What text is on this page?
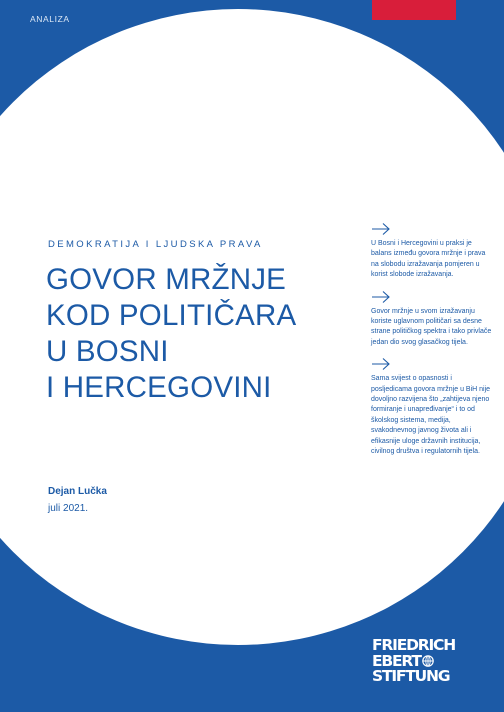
ANALIZA
DEMOKRATIJA I LJUDSKA PRAVA
GOVOR MRŽNJE
KOD POLITIČARA
U BOSNI
I HERCEGOVINI
Dejan Lučka
juli 2021.

U Bosni i Hercegovini u praksi je balans između govora mržnje i prava na slobodu izražavanja pomjeren u korist slobode izražavanja.

Govor mržnje u svom izražavanju koriste uglavnom političari sa desne strane političkog spektra i tako privlače jedan dio svog glasačkog tijela.

Sama svijest o opasnosti i posljedicama govora mržnje u BiH nije dovoljno razvijena što „zahtijeva njeno formiranje i unapređivanje“ i to od školskog sistema, medija, svakodnevnog javnog života ali i efikasnije uloge državnih institucija, civilnog društva i regulatornih tijela.

FRIEDRICH
EBERT
STIFTUNG
